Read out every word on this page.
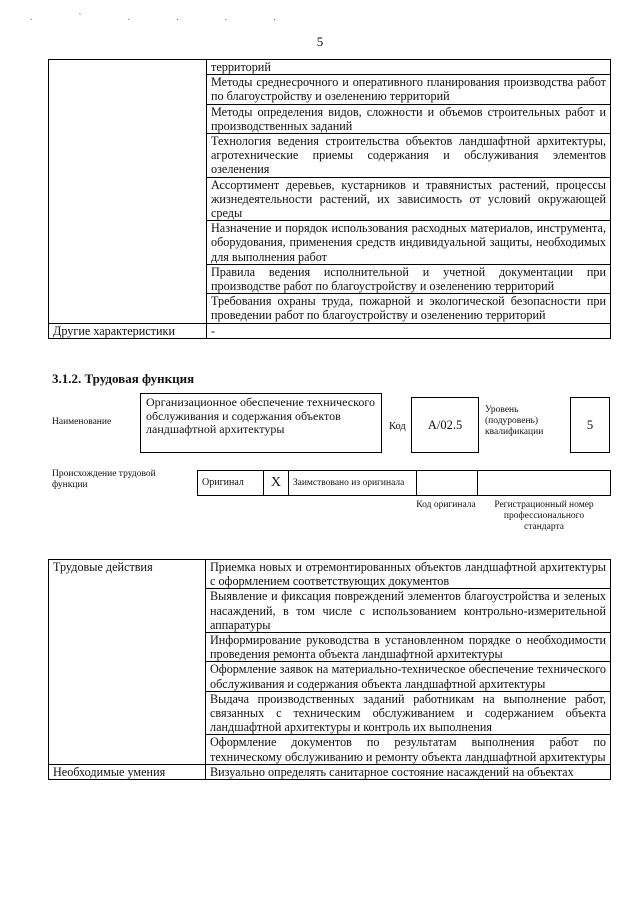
. ` . . . .
5
	территорий
	Методы среднесрочного и оперативного планирования производства работ по благоустройству и озеленению территорий
	Методы определения видов, сложности и объемов строительных работ и производственных заданий
	Технология ведения строительства объектов ландшафтной архитектуры, агротехнические приемы содержания и обслуживания элементов озеленения
	Ассортимент деревьев, кустарников и травянистых растений, процессы жизнедеятельности растений, их зависимость от условий окружающей среды
	Назначение и порядок использования расходных материалов, инструмента, оборудования, применения средств индивидуальной защиты, необходимых для выполнения работ
	Правила ведения исполнительной и учетной документации при производстве работ по благоустройству и озеленению территорий
	Требования охраны труда, пожарной и экологической безопасности при проведении работ по благоустройству и озеленению территорий
Другие характеристики	-
3.1.2. Трудовая функция
Наименование
Организационное обеспечение технического обслуживания и содержания объектов ландшафтной архитектуры	Код	A/02.5
Уровень (подуровень) квалификации	5
Происхождение трудовой функции	Оригинал	X	Заимствовано из оригинала		
Код оригинала	Регистрационный номер профессионального стандарта
Трудовые действия	Приемка новых и отремонтированных объектов ландшафтной архитектуры с оформлением соответствующих документов
	Выявление и фиксация повреждений элементов благоустройства и зеленых насаждений, в том числе с использованием контрольно-измерительной аппаратуры
	Информирование руководства в установленном порядке о необходимости проведения ремонта объекта ландшафтной архитектуры
	Оформление заявок на материально-техническое обеспечение технического обслуживания и содержания объекта ландшафтной архитектуры
	Выдача производственных заданий работникам на выполнение работ, связанных с техническим обслуживанием и содержанием объекта ландшафтной архитектуры и контроль их выполнения
	Оформление документов по результатам выполнения работ по техническому обслуживанию и ремонту объекта ландшафтной архитектуры
Необходимые умения	Визуально определять санитарное состояние насаждений на объектах
